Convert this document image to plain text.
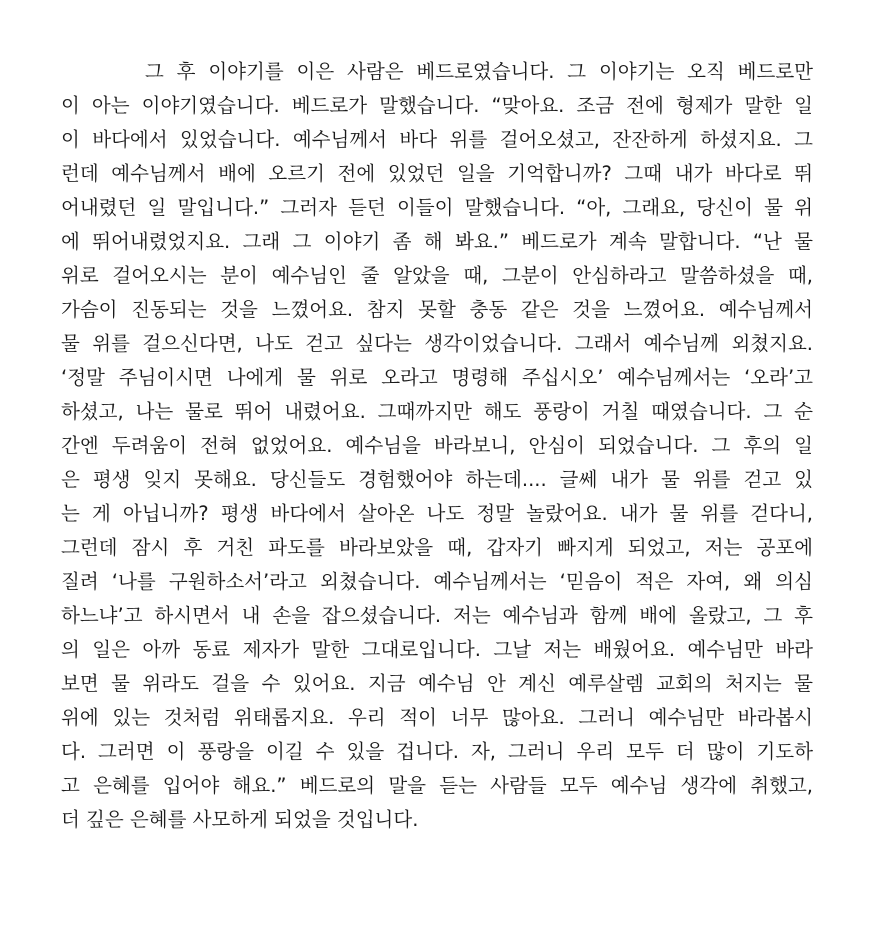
그 후 이야기를 이은 사람은 베드로였습니다. 그 이야기는 오직 베드로만
이 아는 이야기였습니다. 베드로가 말했습니다. “맞아요. 조금 전에 형제가 말한 일
이 바다에서 있었습니다. 예수님께서 바다 위를 걸어오셨고, 잔잔하게 하셨지요. 그
런데 예수님께서 배에 오르기 전에 있었던 일을 기억합니까? 그때 내가 바다로 뛰
어내렸던 일 말입니다.” 그러자 듣던 이들이 말했습니다. “아, 그래요, 당신이 물 위
에 뛰어내렸었지요. 그래 그 이야기 좀 해 봐요.” 베드로가 계속 말합니다. “난 물
위로 걸어오시는 분이 예수님인 줄 알았을 때, 그분이 안심하라고 말씀하셨을 때,
가슴이 진동되는 것을 느꼈어요. 참지 못할 충동 같은 것을 느꼈어요. 예수님께서
물 위를 걸으신다면, 나도 걷고 싶다는 생각이었습니다. 그래서 예수님께 외쳤지요.
‘정말 주님이시면 나에게 물 위로 오라고 명령해 주십시오’ 예수님께서는 ‘오라’고
하셨고, 나는 물로 뛰어 내렸어요. 그때까지만 해도 풍랑이 거칠 때였습니다. 그 순
간엔 두려움이 전혀 없었어요. 예수님을 바라보니, 안심이 되었습니다. 그 후의 일
은 평생 잊지 못해요. 당신들도 경험했어야 하는데.... 글쎄 내가 물 위를 걷고 있
는 게 아닙니까? 평생 바다에서 살아온 나도 정말 놀랐어요. 내가 물 위를 걷다니,
그런데 잠시 후 거친 파도를 바라보았을 때, 갑자기 빠지게 되었고, 저는 공포에
질려 ‘나를 구원하소서’라고 외쳤습니다. 예수님께서는 ‘믿음이 적은 자여, 왜 의심
하느냐’고 하시면서 내 손을 잡으셨습니다. 저는 예수님과 함께 배에 올랐고, 그 후
의 일은 아까 동료 제자가 말한 그대로입니다. 그날 저는 배웠어요. 예수님만 바라
보면 물 위라도 걸을 수 있어요. 지금 예수님 안 계신 예루살렘 교회의 처지는 물
위에 있는 것처럼 위태롭지요. 우리 적이 너무 많아요. 그러니 예수님만 바라봅시
다. 그러면 이 풍랑을 이길 수 있을 겁니다. 자, 그러니 우리 모두 더 많이 기도하
고 은혜를 입어야 해요.” 베드로의 말을 듣는 사람들 모두 예수님 생각에 취했고,
더 깊은 은혜를 사모하게 되었을 것입니다.
